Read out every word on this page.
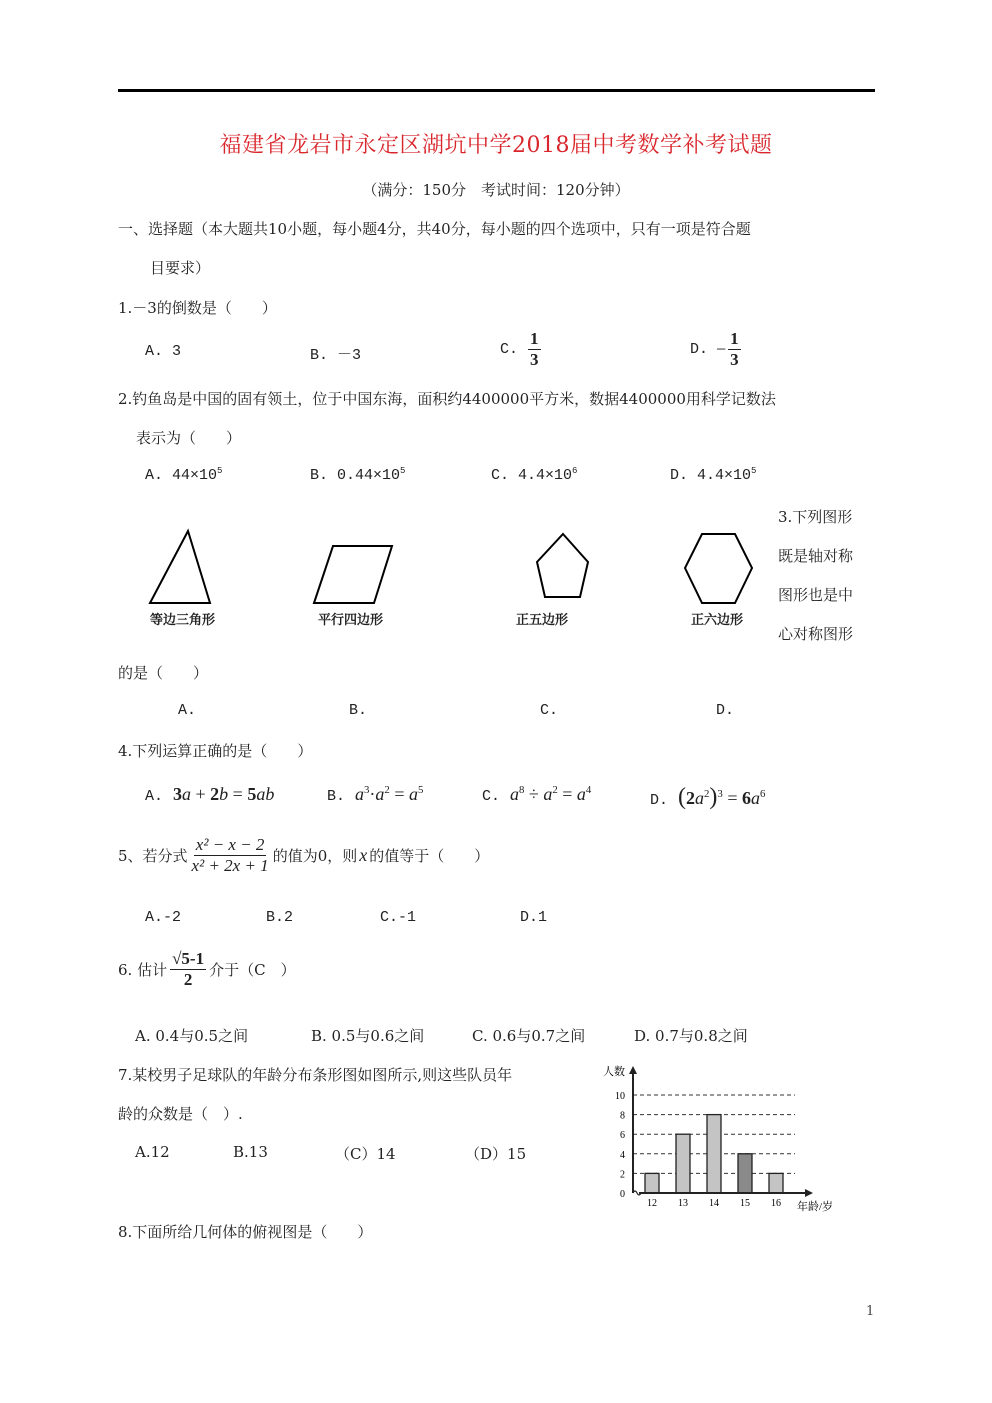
福建省龙岩市永定区湖坑中学2018届中考数学补考试题
（满分：150分　考试时间：120分钟）
一、选择题（本大题共10小题，每小题4分，共40分，每小题的四个选项中，只有一项是符合题
目要求）
1.－3的倒数是（　　）
A. 3	B. －3	C. $\frac{1}{3}$	D. − $\frac{1}{3}$
2.钓鱼岛是中国的固有领土，位于中国东海，面积约4400000平方米，数据4400000用科学记数法
表示为（　　）
A. $44\times 10^5$	B. $0.44\times 10^5$	C. $4.4\times 10^6$	D. $4.4\times 10^5$
3.下列图形
既是轴对称
图形也是中
心对称图形
等边三角形	平行四边形	正五边形	正六边形
的是（　　）
A.	B.	C.	D.
4.下列运算正确的是（　　）
A. 3a + 2b = 5ab	B. $a^3\cdot a^2 = a^5$	C. $a^8 \div a^2 = a^4$
D. $(2a^2)^3 = 6a^6$
5、若分式 $\frac{\text{x² − x − 2}}{\text{x² + 2x + 1}}$ 的值为0，则 x 的值等于（　　）
A.-2	B.2	C.-1	D.1
6. 估计 $\frac{√5-1}{2}$ 介于（C　）
A. 0.4与0.5之间	B. 0.5与0.6之间	C. 0.6与0.7之间	D. 0.7与0.8之间
7.某校男子足球队的年龄分布条形图如图所示,则这些队员年
龄的众数是（　）.
A.12	B.13	（C）14	（D）15
人数
年龄/岁
0
2
4
6
8
10
12 13 14 15 16
8.下面所给几何体的俯视图是（　　）
1
